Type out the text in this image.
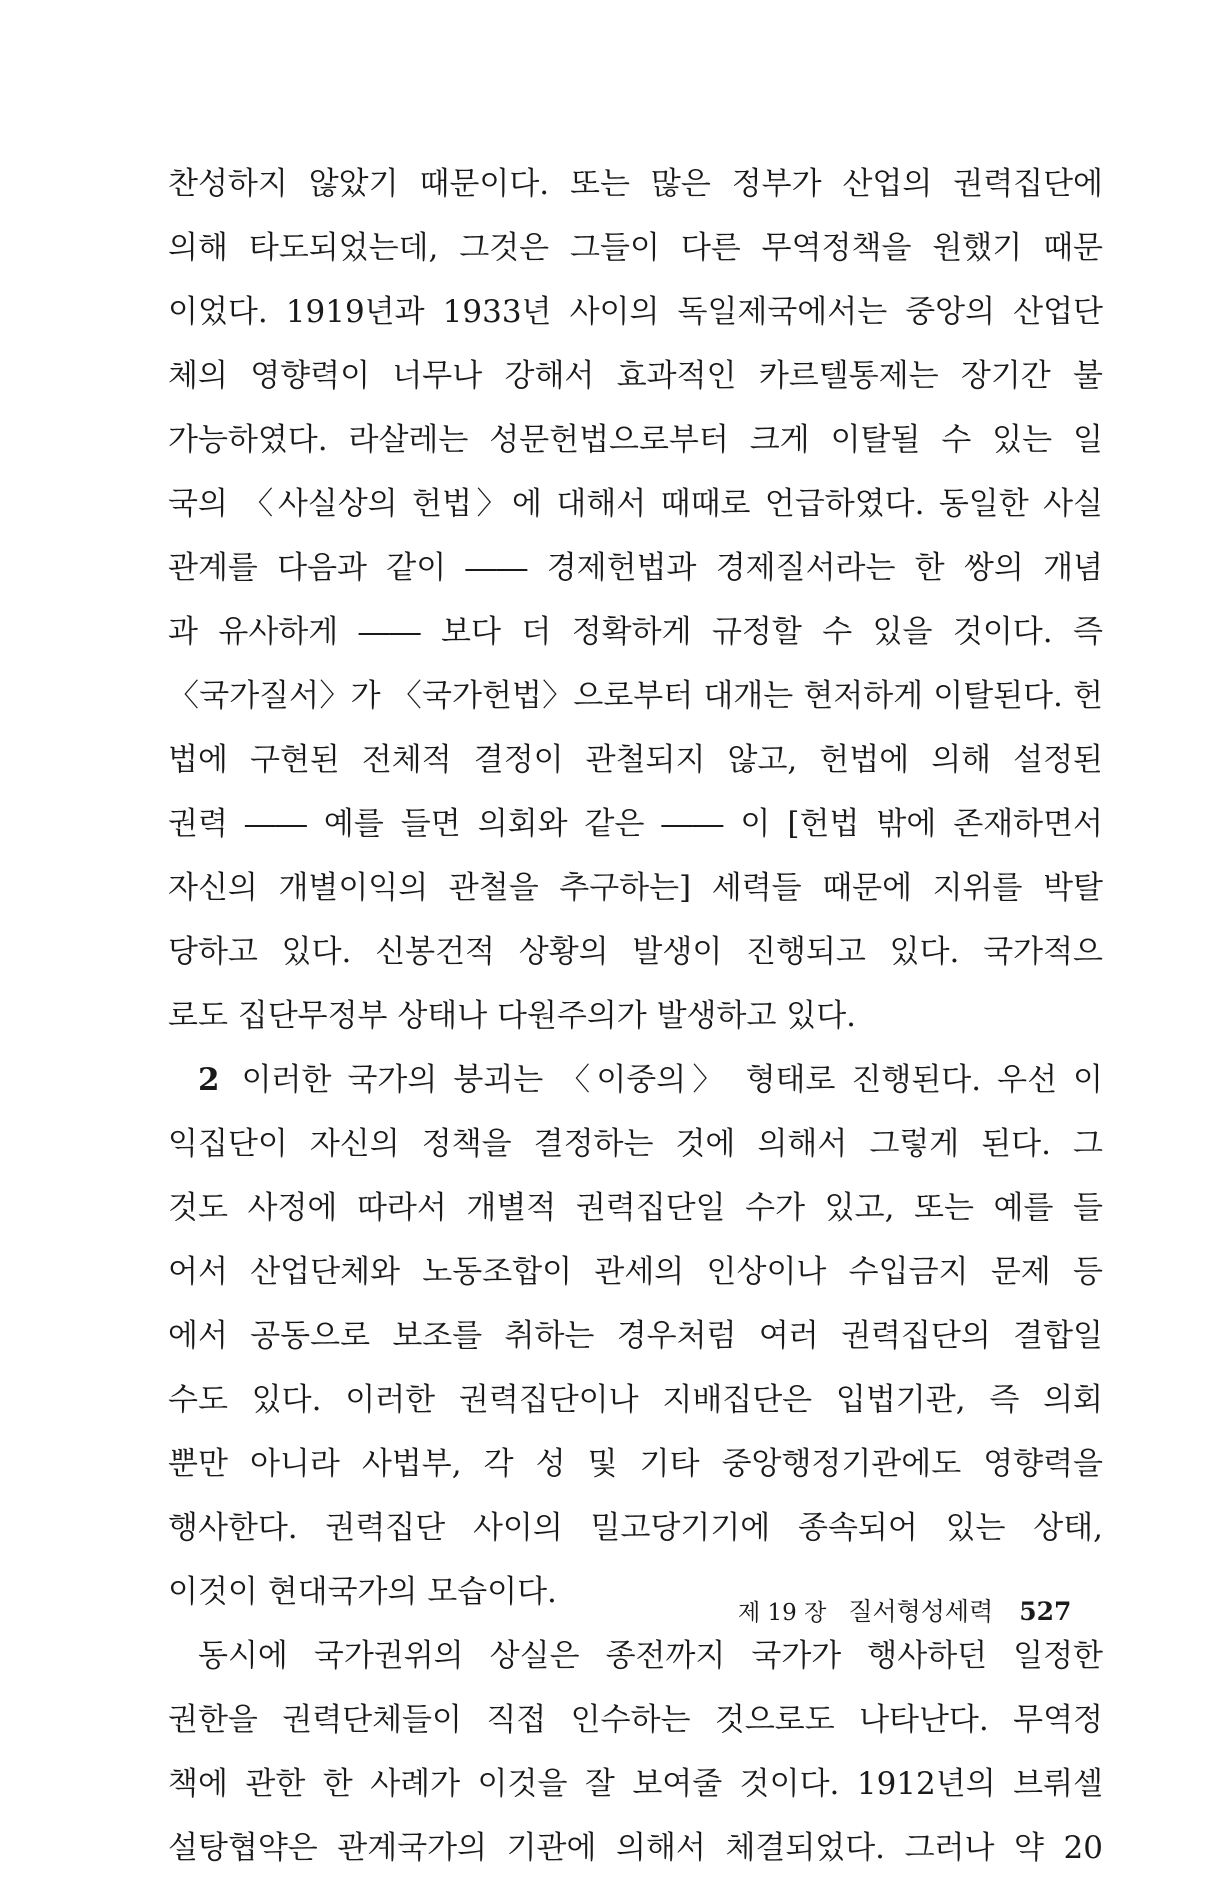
찬성하지 않았기 때문이다. 또는 많은 정부가 산업의 권력집단에
의해 타도되었는데, 그것은 그들이 다른 무역정책을 원했기 때문
이었다. 1919년과 1933년 사이의 독일제국에서는 중앙의 산업단
체의 영향력이 너무나 강해서 효과적인 카르텔통제는 장기간 불
가능하였다. 라살레는 성문헌법으로부터 크게 이탈될 수 있는 일
국의 〈사실상의 헌법〉에 대해서 때때로 언급하였다. 동일한 사실
관계를 다음과 같이 ―― 경제헌법과 경제질서라는 한 쌍의 개념
과 유사하게 ―― 보다 더 정확하게 규정할 수 있을 것이다. 즉
〈국가질서〉가 〈국가헌법〉으로부터 대개는 현저하게 이탈된다. 헌
법에 구현된 전체적 결정이 관철되지 않고, 헌법에 의해 설정된
권력 ―― 예를 들면 의회와 같은 ―― 이 [헌법 밖에 존재하면서
자신의 개별이익의 관철을 추구하는] 세력들 때문에 지위를 박탈
당하고 있다. 신봉건적 상황의 발생이 진행되고 있다. 국가적으
로도 집단무정부 상태나 다원주의가 발생하고 있다.
2 이러한 국가의 붕괴는 〈이중의〉 형태로 진행된다. 우선 이
익집단이 자신의 정책을 결정하는 것에 의해서 그렇게 된다. 그
것도 사정에 따라서 개별적 권력집단일 수가 있고, 또는 예를 들
어서 산업단체와 노동조합이 관세의 인상이나 수입금지 문제 등
에서 공동으로 보조를 취하는 경우처럼 여러 권력집단의 결합일
수도 있다. 이러한 권력집단이나 지배집단은 입법기관, 즉 의회
뿐만 아니라 사법부, 각 성 및 기타 중앙행정기관에도 영향력을
행사한다. 권력집단 사이의 밀고당기기에 종속되어 있는 상태,
이것이 현대국가의 모습이다.
동시에 국가권위의 상실은 종전까지 국가가 행사하던 일정한
권한을 권력단체들이 직접 인수하는 것으로도 나타난다. 무역정
책에 관한 한 사례가 이것을 잘 보여줄 것이다. 1912년의 브뤼셀
설탕협약은 관계국가의 기관에 의해서 체결되었다. 그러나 약 20
제 19 장 질서형성세력 527
